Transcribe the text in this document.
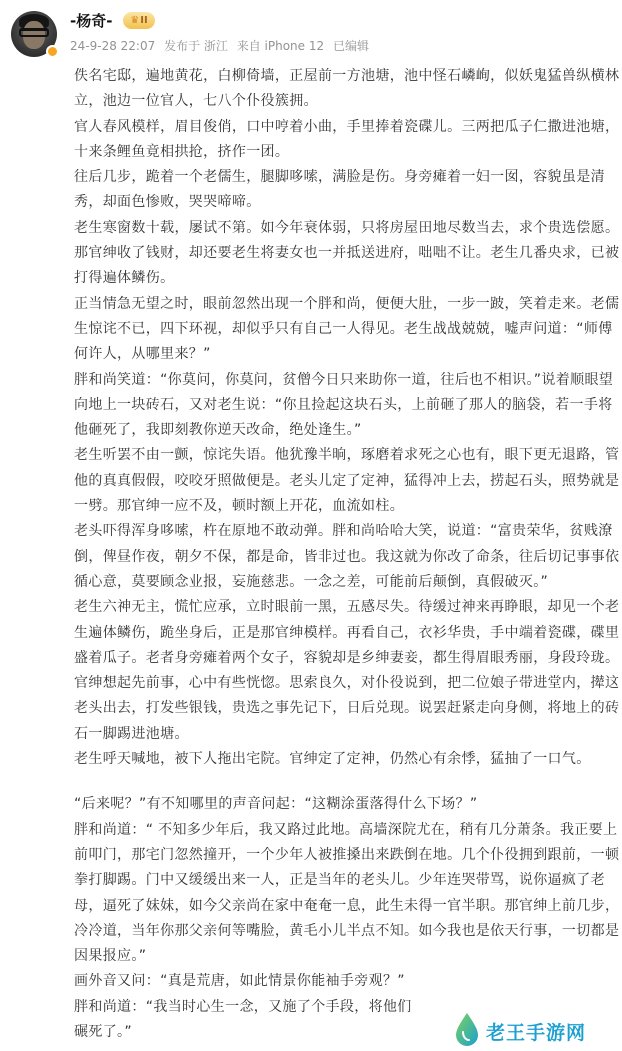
-杨奇-	♛II
24-9-28 22:07 发布于 浙江 来自 iPhone 12 已编辑

佚名宅邸，遍地黄花，白柳倚墙，正屋前一方池塘，池中怪石嶙峋，似妖鬼猛兽纵横林立，池边一位官人，七八个仆役簇拥。

官人春风模样，眉目俊俏，口中哼着小曲，手里捧着瓷碟儿。三两把瓜子仁撒进池塘，十来条鲤鱼竟相拱抢，挤作一团。

往后几步，跪着一个老儒生，腿脚哆嗦，满脸是伤。身旁瘫着一妇一囡，容貌虽是清秀，却面色惨败，哭哭啼啼。

老生寒窗数十载，屡试不第。如今年衰体弱，只将房屋田地尽数当去，求个贵选偿愿。那官绅收了钱财，却还要老生将妻女也一并抵送进府，咄咄不让。老生几番央求，已被打得遍体鳞伤。

正当情急无望之时，眼前忽然出现一个胖和尚，便便大肚，一步一跛，笑着走来。老儒生惊诧不已，四下环视，却似乎只有自己一人得见。老生战战兢兢，嘘声问道：“师傅何许人，从哪里来？”

胖和尚笑道：“你莫问，你莫问，贫僧今日只来助你一道，往后也不相识。”说着顺眼望向地上一块砖石，又对老生说：“你且捡起这块石头，上前砸了那人的脑袋，若一手将他砸死了，我即刻教你逆天改命，绝处逢生。”

老生听罢不由一颤，惊诧失语。他犹豫半晌，琢磨着求死之心也有，眼下更无退路，管他的真真假假，咬咬牙照做便是。老头儿定了定神，猛得冲上去，捞起石头，照势就是一劈。那官绅一应不及，顿时额上开花，血流如柱。

老头吓得浑身哆嗦，杵在原地不敢动弹。胖和尚哈哈大笑，说道：“富贵荣华，贫贱潦倒，俾昼作夜，朝夕不保，都是命，皆非过也。我这就为你改了命条，往后切记事事依循心意，莫要顾念业报，妄施慈悲。一念之差，可能前后颠倒，真假破灭。”

老生六神无主，慌忙应承，立时眼前一黑，五感尽失。待缓过神来再睁眼，却见一个老生遍体鳞伤，跪坐身后，正是那官绅模样。再看自己，衣衫华贵，手中端着瓷碟，碟里盛着瓜子。老者身旁瘫着两个女子，容貌却是乡绅妻妾，都生得眉眼秀丽，身段玲珑。

官绅想起先前事，心中有些恍惚。思索良久，对仆役说到，把二位娘子带进堂内，撵这老头出去，打发些银钱，贵选之事先记下，日后兑现。说罢赶紧走向身侧，将地上的砖石一脚踢进池塘。

老生呼天喊地，被下人拖出宅院。官绅定了定神，仍然心有余悸，猛抽了一口气。

“后来呢？”有不知哪里的声音问起：“这糊涂蛋落得什么下场？”

胖和尚道：“ 不知多少年后，我又路过此地。高墙深院尤在，稍有几分萧条。我正要上前叩门，那宅门忽然撞开，一个少年人被推搡出来跌倒在地。几个仆役拥到跟前，一顿拳打脚踢。门中又缓缓出来一人，正是当年的老头儿。少年连哭带骂，说你逼疯了老母，逼死了妹妹，如今父亲尚在家中奄奄一息，此生未得一官半职。那官绅上前几步，冷冷道，当年你那父亲何等嘴脸，黄毛小儿半点不知。如今我也是依天行事，一切都是因果报应。”

画外音又问：“真是荒唐，如此情景你能袖手旁观？”

胖和尚道：“我当时心生一念，又施了个手段，将他们

碾死了。”	老王手游网
